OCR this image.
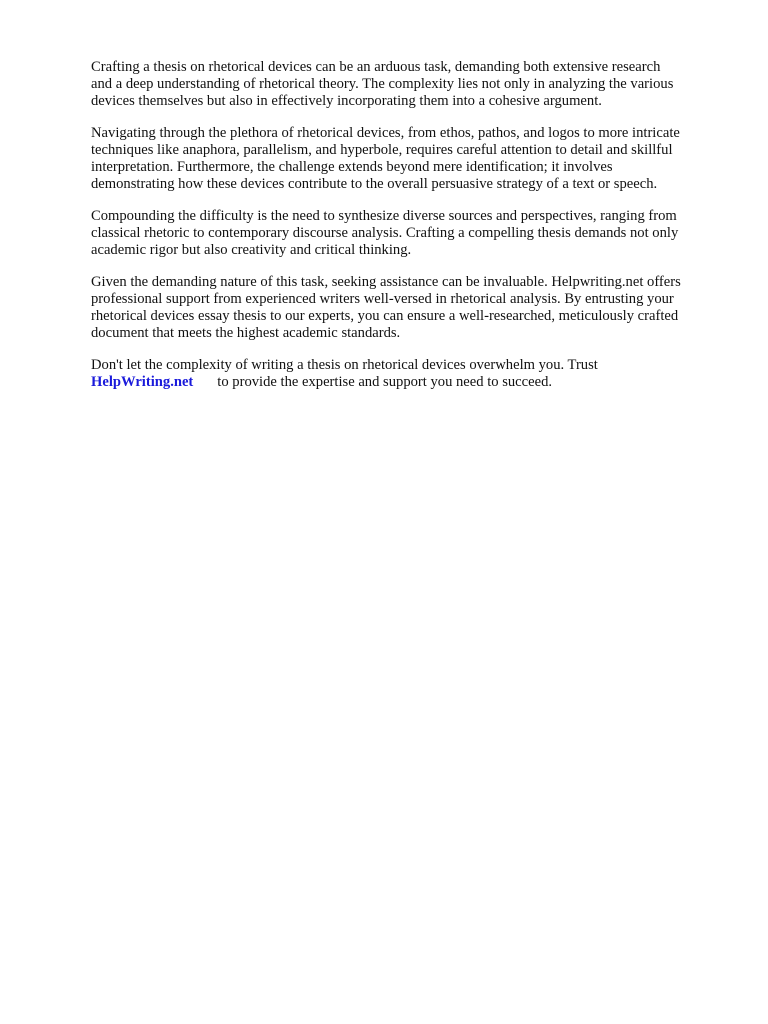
Crafting a thesis on rhetorical devices can be an arduous task, demanding both extensive research
and a deep understanding of rhetorical theory. The complexity lies not only in analyzing the various
devices themselves but also in effectively incorporating them into a cohesive argument.

Navigating through the plethora of rhetorical devices, from ethos, pathos, and logos to more intricate
techniques like anaphora, parallelism, and hyperbole, requires careful attention to detail and skillful
interpretation. Furthermore, the challenge extends beyond mere identification; it involves
demonstrating how these devices contribute to the overall persuasive strategy of a text or speech.

Compounding the difficulty is the need to synthesize diverse sources and perspectives, ranging from
classical rhetoric to contemporary discourse analysis. Crafting a compelling thesis demands not only
academic rigor but also creativity and critical thinking.

Given the demanding nature of this task, seeking assistance can be invaluable. Helpwriting.net offers
professional support from experienced writers well-versed in rhetorical analysis. By entrusting your
rhetorical devices essay thesis to our experts, you can ensure a well-researched, meticulously crafted
document that meets the highest academic standards.

Don't let the complexity of writing a thesis on rhetorical devices overwhelm you. Trust
HelpWriting.net to provide the expertise and support you need to succeed.
